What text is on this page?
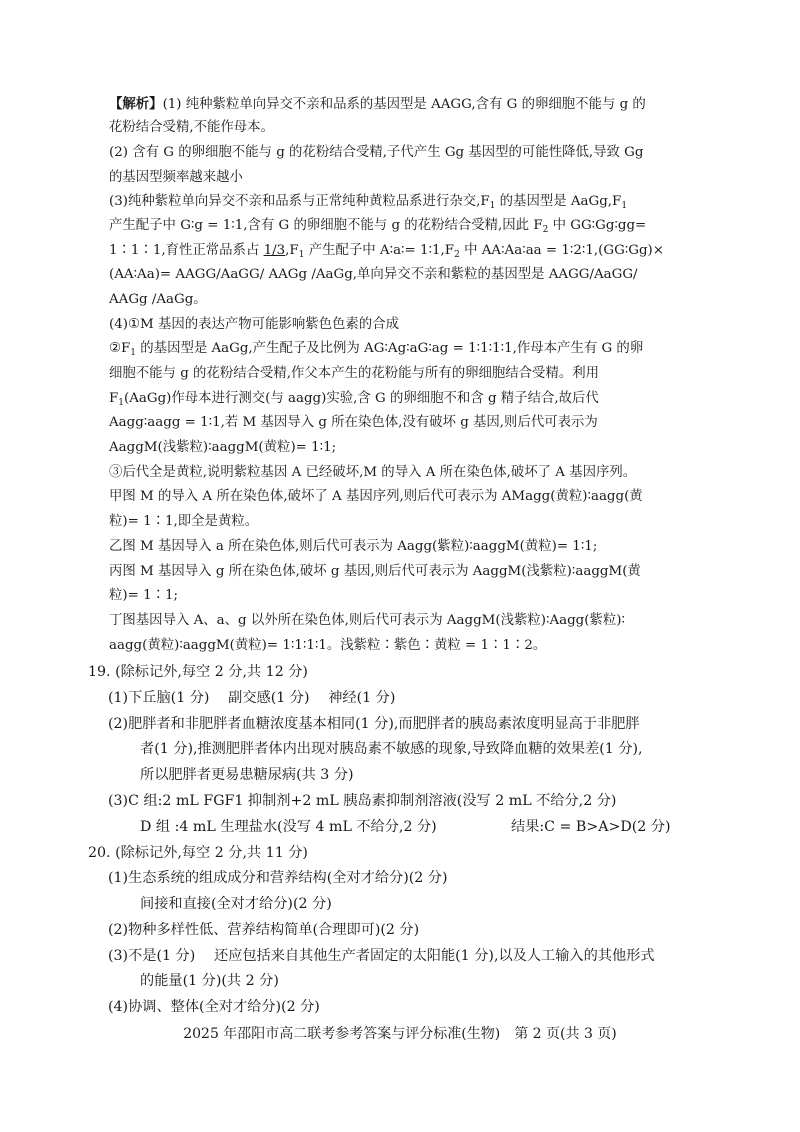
【解析】(1) 纯种紫粒单向异交不亲和品系的基因型是 AAGG,含有 G 的卵细胞不能与 g 的
花粉结合受精,不能作母本。
(2) 含有 G 的卵细胞不能与 g 的花粉结合受精,子代产生 Gg 基因型的可能性降低,导致 Gg
的基因型频率越来越小
(3)纯种紫粒单向异交不亲和品系与正常纯种黄粒品系进行杂交$,F_1$ 的基因型是 $AaGg,F_1$
产生配子中 G∶g = 1∶1,含有 G 的卵细胞不能与 g 的花粉结合受精,因此 $F_2$ 中 GG∶Gg∶gg=
1∶1∶1,育性正常品系占 $1/3,F_1$ 产生配子中 A∶a∶= $1∶1,F_2$ 中 AA∶Aa∶aa = 1∶2∶1,(GG∶Gg)×
(AA∶Aa)= AAGG/AaGG/ AAGg /AaGg,单向异交不亲和紫粒的基因型是 AAGG/AaGG/
AAGg /AaGg。
(4)①M 基因的表达产物可能影响紫色色素的合成
$②F_1$ 的基因型是 AaGg,产生配子及比例为 AG∶Ag∶aG∶ag = 1∶1∶1∶1,作母本产生有 G 的卵
细胞不能与 g 的花粉结合受精,作父本产生的花粉能与所有的卵细胞结合受精。利用
$F_1(AaGg)$作母本进行测交(与 aagg)实验,含 G 的卵细胞不和含 g 精子结合,故后代
Aagg∶aagg = 1∶1,若 M 基因导入 g 所在染色体,没有破坏 g 基因,则后代可表示为
AaggM(浅紫粒)∶aaggM(黄粒)= 1∶1;
③后代全是黄粒,说明紫粒基因 A 已经破坏,M 的导入 A 所在染色体,破坏了 A 基因序列。
甲图 M 的导入 A 所在染色体,破坏了 A 基因序列,则后代可表示为 AMagg(黄粒)∶aagg(黄
粒)= 1∶1,即全是黄粒。
乙图 M 基因导入 a 所在染色体,则后代可表示为 Aagg(紫粒)∶aaggM(黄粒)= 1∶1;
丙图 M 基因导入 g 所在染色体,破坏 g 基因,则后代可表示为 AaggM(浅紫粒)∶aaggM(黄
粒)= 1∶1;
丁图基因导入 A、a、g 以外所在染色体,则后代可表示为 AaggM(浅紫粒)∶Aagg(紫粒)∶
aagg(黄粒)∶aaggM(黄粒)= 1∶1∶1∶1。浅紫粒∶紫色∶黄粒 = 1∶1∶2。
19. (除标记外,每空 2 分,共 12 分)
(1)下丘脑(1 分)　 副交感(1 分)　 神经(1 分)
(2)肥胖者和非肥胖者血糖浓度基本相同(1 分),而肥胖者的胰岛素浓度明显高于非肥胖
者(1 分),推测肥胖者体内出现对胰岛素不敏感的现象,导致降血糖的效果差(1 分),
所以肥胖者更易患糖尿病(共 3 分)
(3)C 组:2 mL FGF1 抑制剂+2 mL 胰岛素抑制剂溶液(没写 2 mL 不给分,2 分)
D 组 :4 mL 生理盐水(没写 4 mL 不给分,2 分)	结果:C = B>A>D(2 分)
20. (除标记外,每空 2 分,共 11 分)
(1)生态系统的组成成分和营养结构(全对才给分)(2 分)
间接和直接(全对才给分)(2 分)
(2)物种多样性低、营养结构简单(合理即可)(2 分)
(3)不是(1 分)　 还应包括来自其他生产者固定的太阳能(1 分),以及人工输入的其他形式
的能量(1 分)(共 2 分)
(4)协调、整体(全对才给分)(2 分)
2025 年邵阳市高二联考参考答案与评分标准(生物)　第 2 页(共 3 页)
